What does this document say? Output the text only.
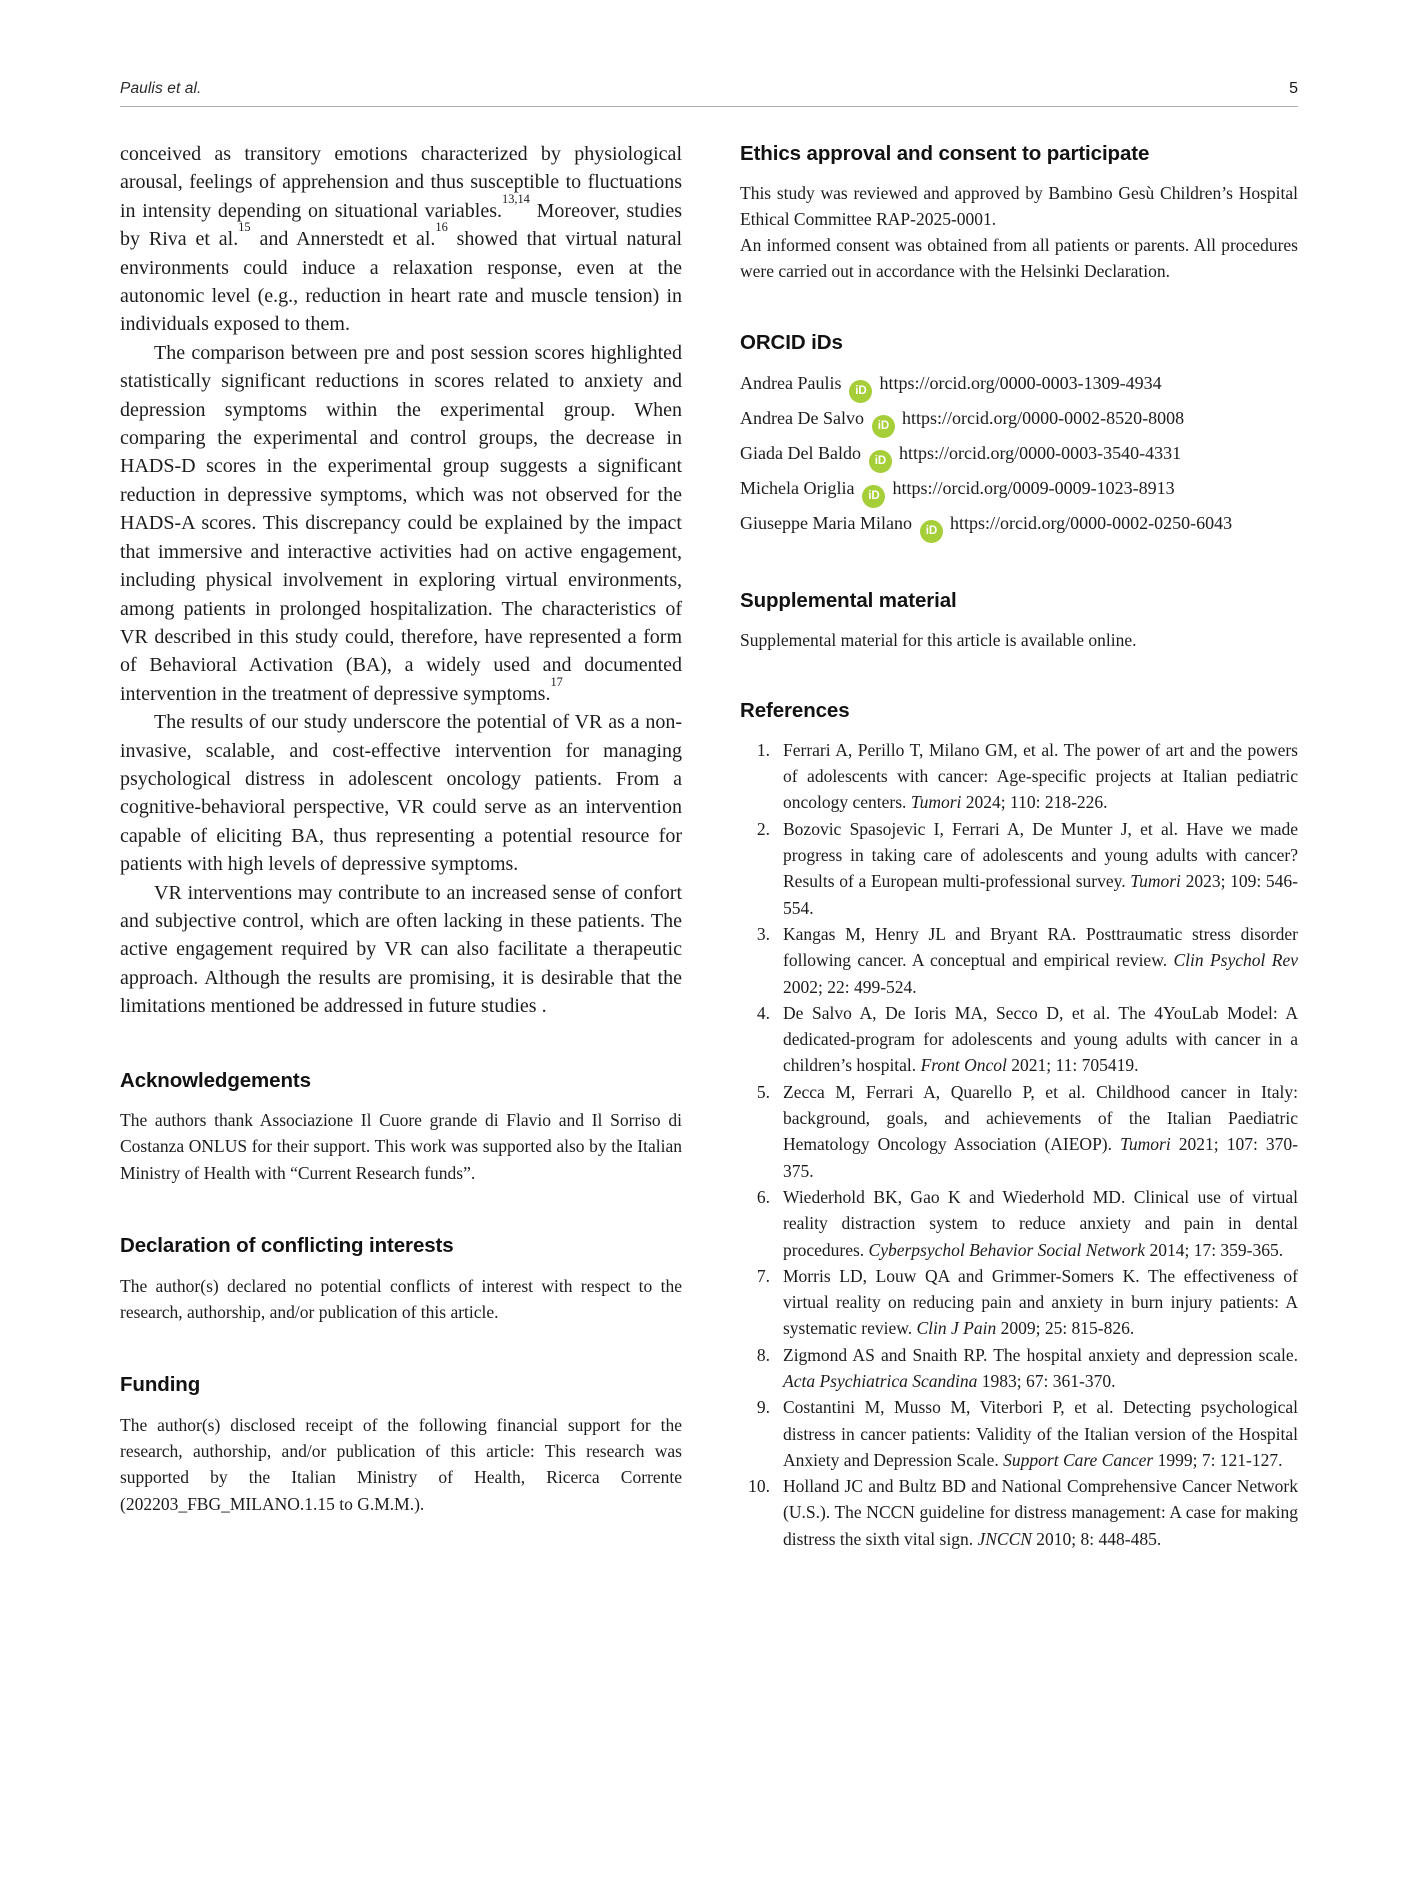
Paulis et al.	5

conceived as transitory emotions characterized by physiological arousal, feelings of apprehension and thus susceptible to fluctuations in intensity depending on situational variables.$^{13,14}$ Moreover, studies by Riva et al.$^{15}$ and Annerstedt et al.$^{16}$ showed that virtual natural environments could induce a relaxation response, even at the autonomic level (e.g., reduction in heart rate and muscle tension) in individuals exposed to them.

The comparison between pre and post session scores highlighted statistically significant reductions in scores related to anxiety and depression symptoms within the experimental group. When comparing the experimental and control groups, the decrease in HADS-D scores in the experimental group suggests a significant reduction in depressive symptoms, which was not observed for the HADS-A scores. This discrepancy could be explained by the impact that immersive and interactive activities had on active engagement, including physical involvement in exploring virtual environments, among patients in prolonged hospitalization. The characteristics of VR described in this study could, therefore, have represented a form of Behavioral Activation (BA), a widely used and documented intervention in the treatment of depressive symptoms.$^{17}$

The results of our study underscore the potential of VR as a non-invasive, scalable, and cost-effective intervention for managing psychological distress in adolescent oncology patients. From a cognitive-behavioral perspective, VR could serve as an intervention capable of eliciting BA, thus representing a potential resource for patients with high levels of depressive symptoms.

VR interventions may contribute to an increased sense of confort and subjective control, which are often lacking in these patients. The active engagement required by VR can also facilitate a therapeutic approach. Although the results are promising, it is desirable that the limitations mentioned be addressed in future studies .

Acknowledgements

The authors thank Associazione Il Cuore grande di Flavio and Il Sorriso di Costanza ONLUS for their support. This work was supported also by the Italian Ministry of Health with “Current Research funds”.

Declaration of conflicting interests

The author(s) declared no potential conflicts of interest with respect to the research, authorship, and/or publication of this article.

Funding

The author(s) disclosed receipt of the following financial support for the research, authorship, and/or publication of this article: This research was supported by the Italian Ministry of Health, Ricerca Corrente (202203_FBG_MILANO.1.15 to G.M.M.).

Ethics approval and consent to participate

This study was reviewed and approved by Bambino Gesù Children’s Hospital Ethical Committee RAP-2025-0001.

An informed consent was obtained from all patients or parents. All procedures were carried out in accordance with the Helsinki Declaration.

ORCID iDs

Andrea Paulis iD https://orcid.org/0000-0003-1309-4934

Andrea De Salvo iD https://orcid.org/0000-0002-8520-8008

Giada Del Baldo iD https://orcid.org/0000-0003-3540-4331

Michela Origlia iD https://orcid.org/0009-0009-1023-8913

Giuseppe Maria Milano iD https://orcid.org/0000-0002-0250-6043

Supplemental material

Supplemental material for this article is available online.

References
1. Ferrari A, Perillo T, Milano GM, et al. The power of art and the powers of adolescents with cancer: Age-specific projects at Italian pediatric oncology centers. Tumori 2024; 110: 218-226.
2. Bozovic Spasojevic I, Ferrari A, De Munter J, et al. Have we made progress in taking care of adolescents and young adults with cancer? Results of a European multi-professional survey. Tumori 2023; 109: 546-554.
3. Kangas M, Henry JL and Bryant RA. Posttraumatic stress disorder following cancer. A conceptual and empirical review. Clin Psychol Rev 2002; 22: 499-524.
4. De Salvo A, De Ioris MA, Secco D, et al. The 4YouLab Model: A dedicated-program for adolescents and young adults with cancer in a children’s hospital. Front Oncol 2021; 11: 705419.
5. Zecca M, Ferrari A, Quarello P, et al. Childhood cancer in Italy: background, goals, and achievements of the Italian Paediatric Hematology Oncology Association (AIEOP). Tumori 2021; 107: 370-375.
6. Wiederhold BK, Gao K and Wiederhold MD. Clinical use of virtual reality distraction system to reduce anxiety and pain in dental procedures. Cyberpsychol Behavior Social Network 2014; 17: 359-365.
7. Morris LD, Louw QA and Grimmer-Somers K. The effectiveness of virtual reality on reducing pain and anxiety in burn injury patients: A systematic review. Clin J Pain 2009; 25: 815-826.
8. Zigmond AS and Snaith RP. The hospital anxiety and depression scale. Acta Psychiatrica Scandina 1983; 67: 361-370.
9. Costantini M, Musso M, Viterbori P, et al. Detecting psychological distress in cancer patients: Validity of the Italian version of the Hospital Anxiety and Depression Scale. Support Care Cancer 1999; 7: 121-127.
10. Holland JC and Bultz BD and National Comprehensive Cancer Network (U.S.). The NCCN guideline for distress management: A case for making distress the sixth vital sign. JNCCN 2010; 8: 448-485.
